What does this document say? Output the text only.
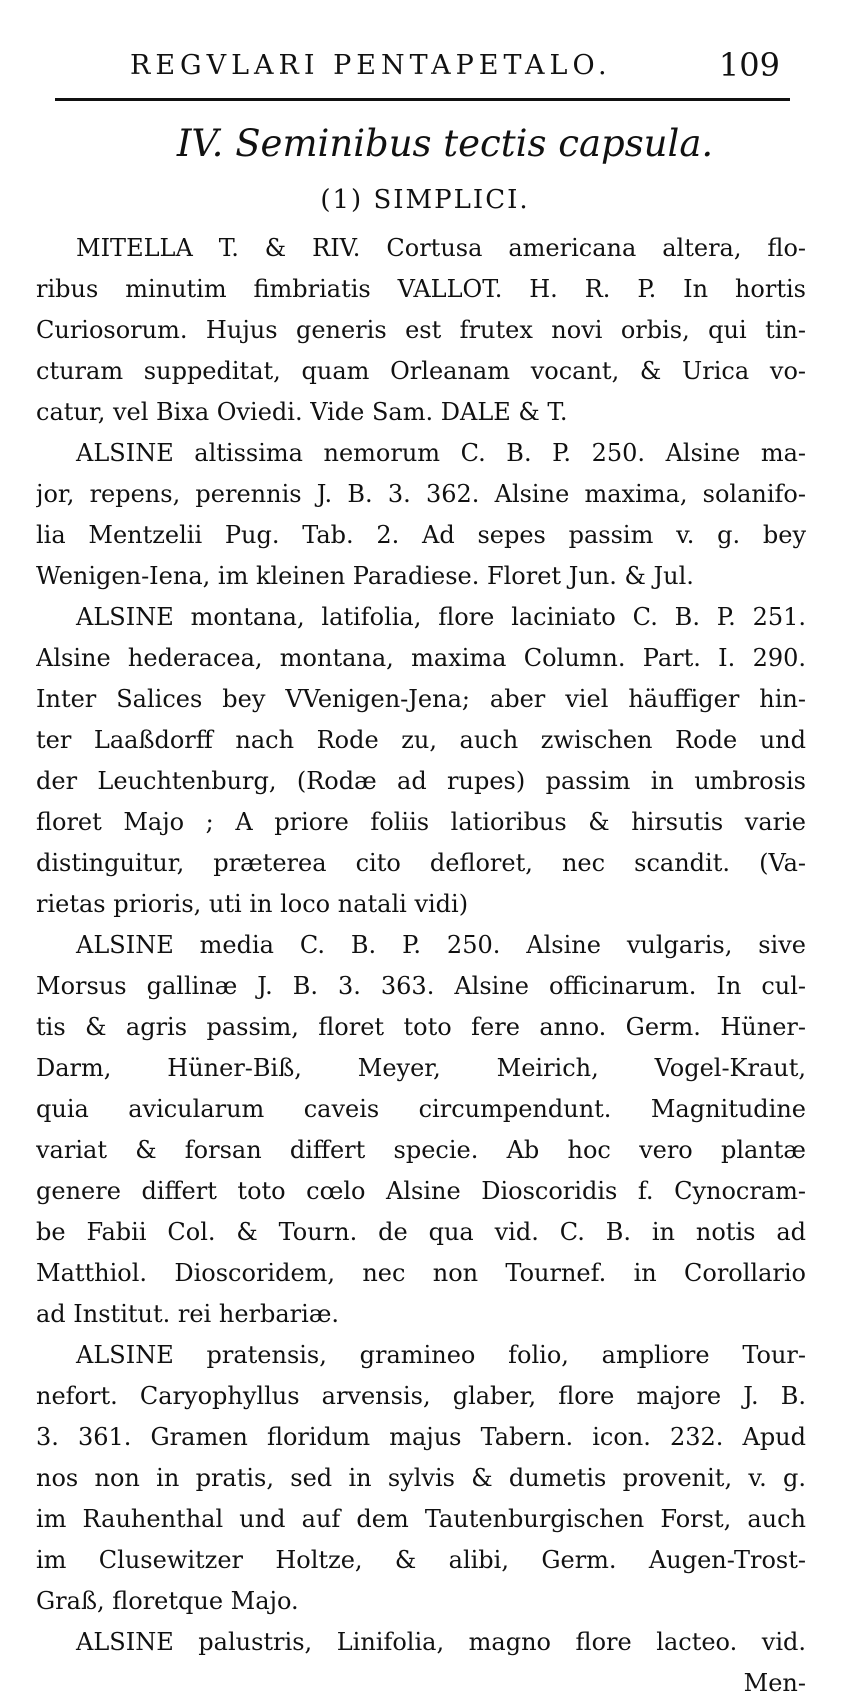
REGVLARI PENTAPETALO.	109
IV. Seminibus tectis capsula.
(1) SIMPLICI.
MITELLA T. & RIV. Cortusa americana altera, flo-
ribus minutim fimbriatis VALLOT. H. R. P. In hortis
Curiosorum. Hujus generis est frutex novi orbis, qui tin-
cturam suppeditat, quam Orleanam vocant, & Urica vo-
catur, vel Bixa Oviedi. Vide Sam. DALE & T.
ALSINE altissima nemorum C. B. P. 250. Alsine ma-
jor, repens, perennis J. B. 3. 362. Alsine maxima, solanifo-
lia Mentzelii Pug. Tab. 2. Ad sepes passim v. g. bey
Wenigen-Iena, im kleinen Paradiese. Floret Jun. & Jul.
ALSINE montana, latifolia, flore laciniato C. B. P. 251.
Alsine hederacea, montana, maxima Column. Part. I. 290.
Inter Salices bey VVenigen-Jena; aber viel häuffiger hin-
ter Laaßdorff nach Rode zu, auch zwischen Rode und
der Leuchtenburg, (Rodæ ad rupes) passim in umbrosis
floret Majo ; A priore foliis latioribus & hirsutis varie
distinguitur, præterea cito defloret, nec scandit. (Va-
rietas prioris, uti in loco natali vidi)
ALSINE media C. B. P. 250. Alsine vulgaris, sive
Morsus gallinæ J. B. 3. 363. Alsine officinarum. In cul-
tis & agris passim, floret toto fere anno. Germ. Hüner-
Darm, Hüner-Biß, Meyer, Meirich, Vogel-Kraut,
quia avicularum caveis circumpendunt. Magnitudine
variat & forsan differt specie. Ab hoc vero plantæ
genere differt toto cœlo Alsine Dioscoridis f. Cynocram-
be Fabii Col. & Tourn. de qua vid. C. B. in notis ad
Matthiol. Dioscoridem, nec non Tournef. in Corollario
ad Institut. rei herbariæ.
ALSINE pratensis, gramineo folio, ampliore Tour-
nefort. Caryophyllus arvensis, glaber, flore majore J. B.
3. 361. Gramen floridum majus Tabern. icon. 232. Apud
nos non in pratis, sed in sylvis & dumetis provenit, v. g.
im Rauhenthal und auf dem Tautenburgischen Forst, auch
im Clusewitzer Holtze, & alibi, Germ. Augen-Trost-
Graß, floretque Majo.
ALSINE palustris, Linifolia, magno flore lacteo. vid.
Men-
